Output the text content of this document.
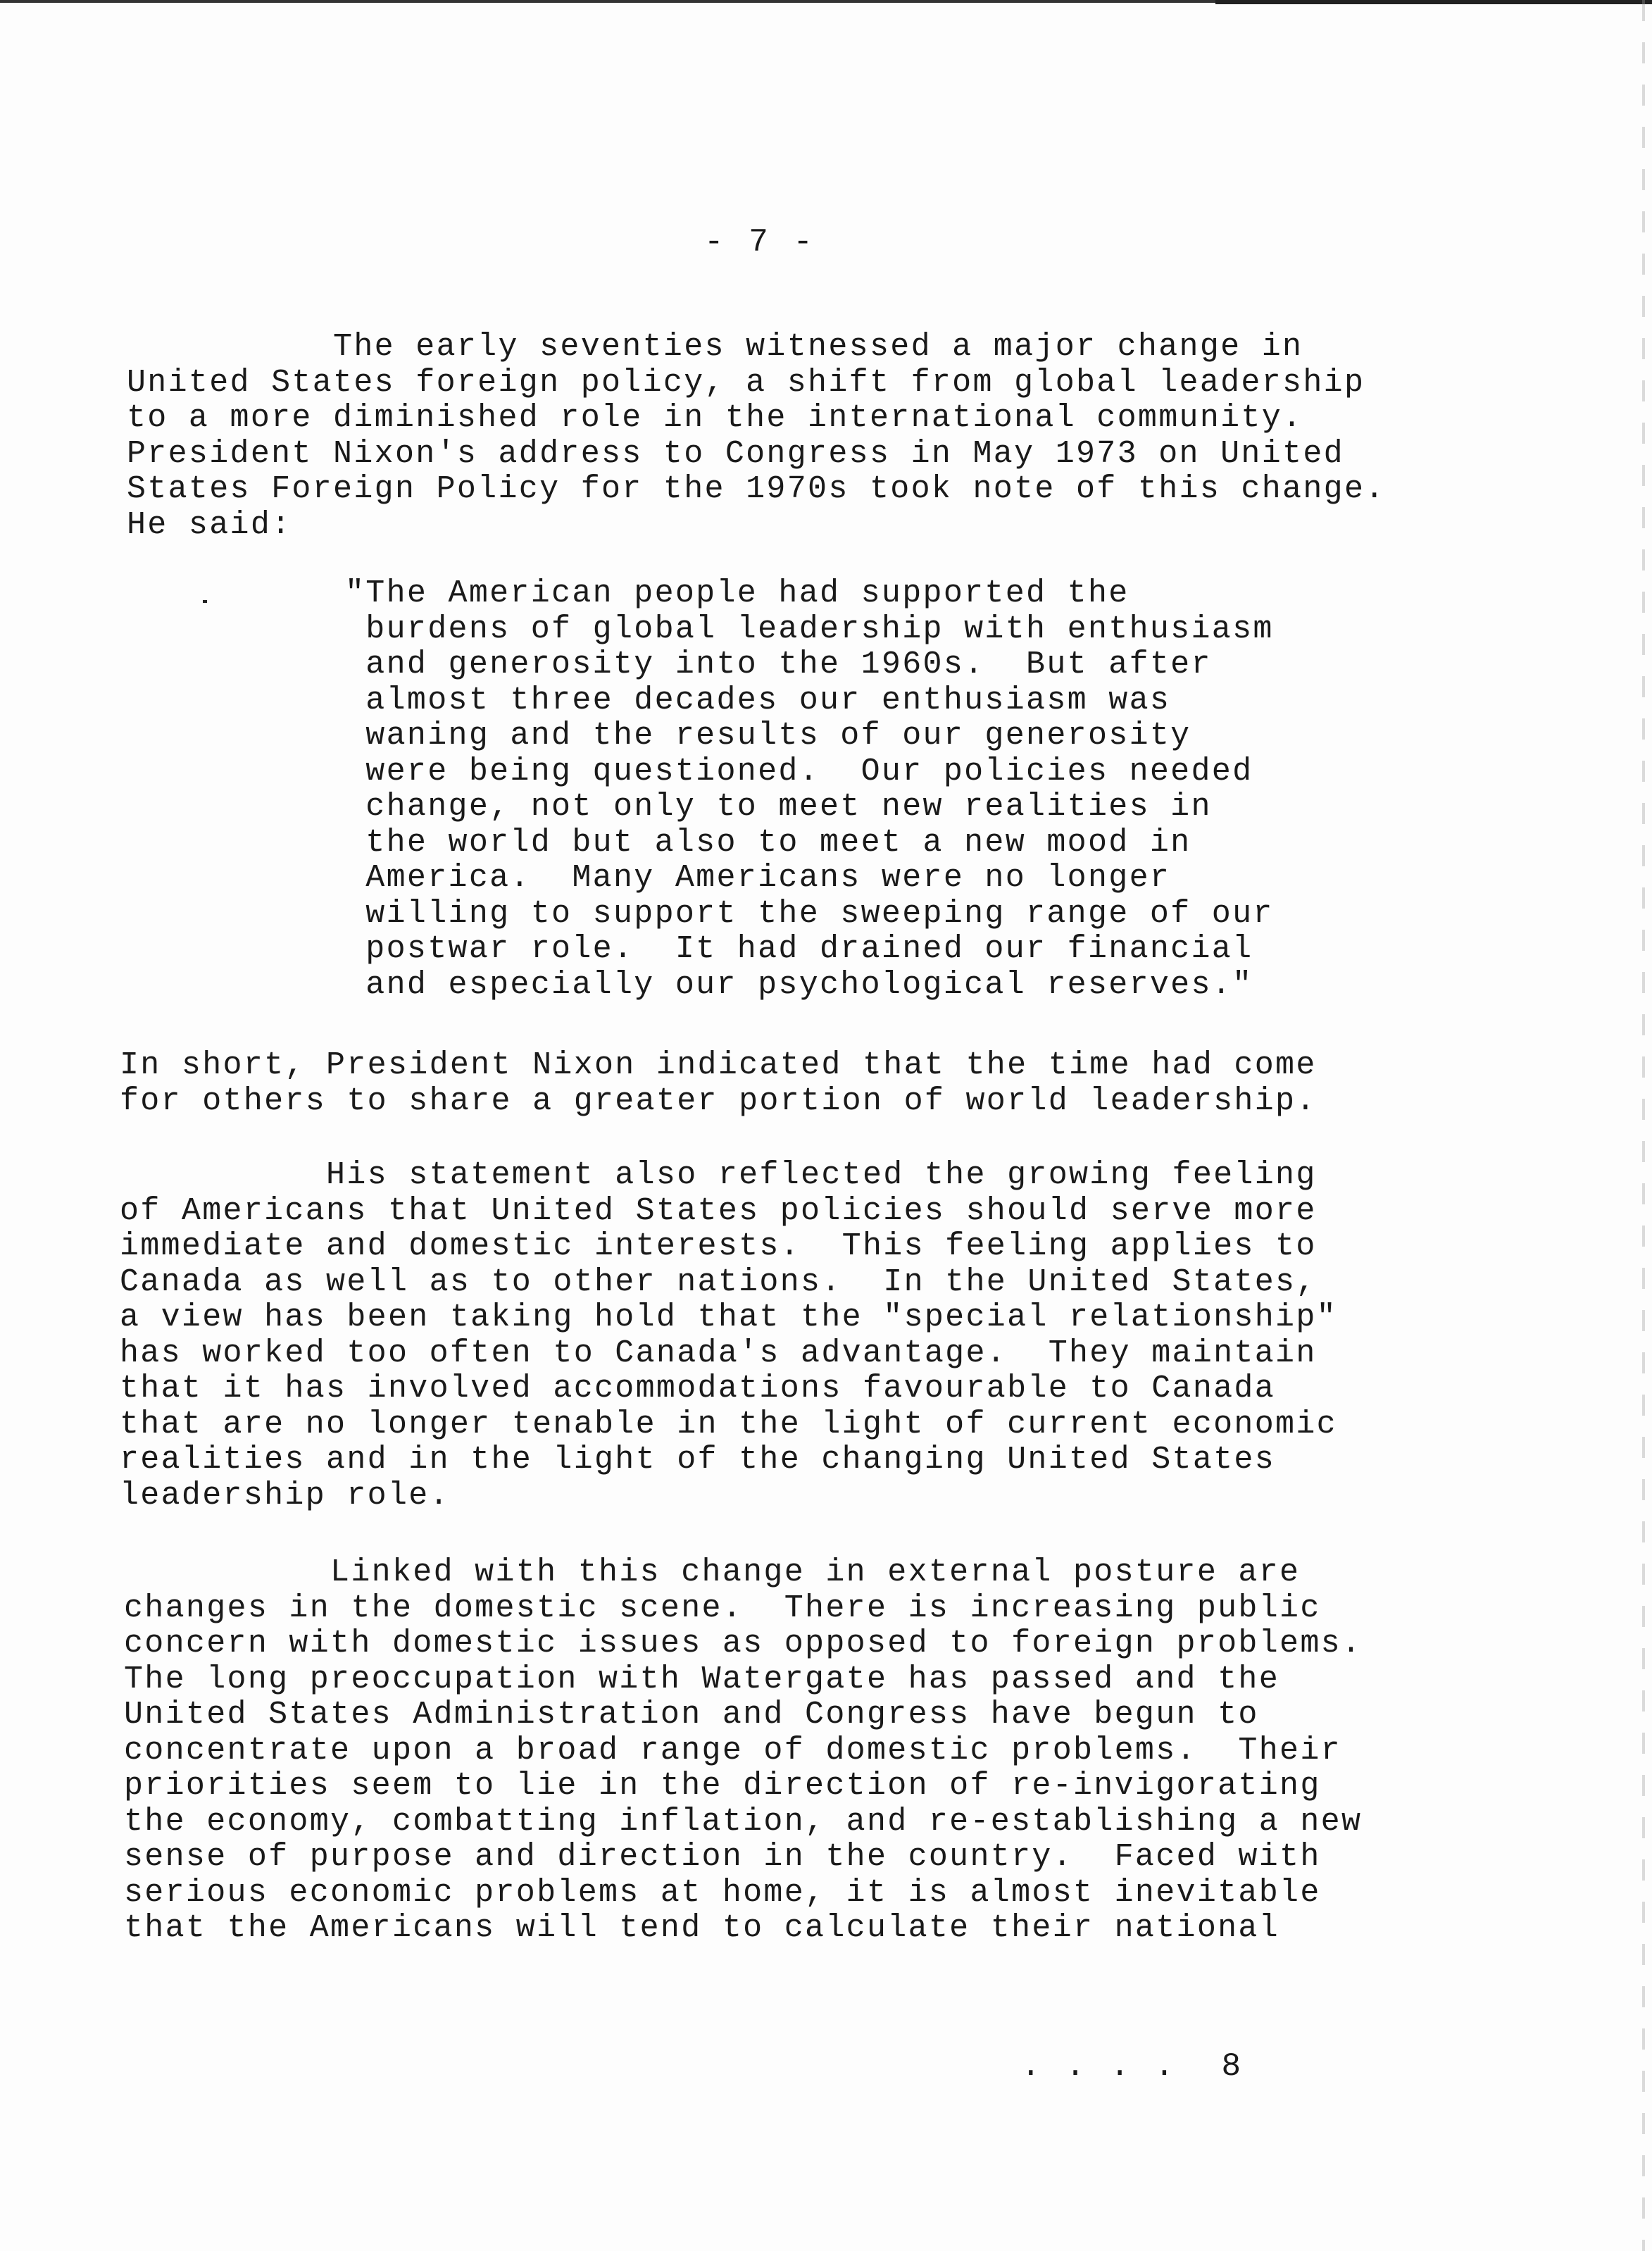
- 7 -
The early seventies witnessed a major change in
United States foreign policy, a shift from global leadership
to a more diminished role in the international community.
President Nixon's address to Congress in May 1973 on United
States Foreign Policy for the 1970s took note of this change.
He said:
"The American people had supported the
burdens of global leadership with enthusiasm
and generosity into the 1960s.  But after
almost three decades our enthusiasm was
waning and the results of our generosity
were being questioned.  Our policies needed
change, not only to meet new realities in
the world but also to meet a new mood in
America.  Many Americans were no longer
willing to support the sweeping range of our
postwar role.  It had drained our financial
and especially our psychological reserves."
In short, President Nixon indicated that the time had come
for others to share a greater portion of world leadership.
His statement also reflected the growing feeling
of Americans that United States policies should serve more
immediate and domestic interests.  This feeling applies to
Canada as well as to other nations.  In the United States,
a view has been taking hold that the "special relationship"
has worked too often to Canada's advantage.  They maintain
that it has involved accommodations favourable to Canada
that are no longer tenable in the light of current economic
realities and in the light of the changing United States
leadership role.
Linked with this change in external posture are
changes in the domestic scene.  There is increasing public
concern with domestic issues as opposed to foreign problems.
The long preoccupation with Watergate has passed and the
United States Administration and Congress have begun to
concentrate upon a broad range of domestic problems.  Their
priorities seem to lie in the direction of re-invigorating
the economy, combatting inflation, and re-establishing a new
sense of purpose and direction in the country.  Faced with
serious economic problems at home, it is almost inevitable
that the Americans will tend to calculate their national
. . . .  8
